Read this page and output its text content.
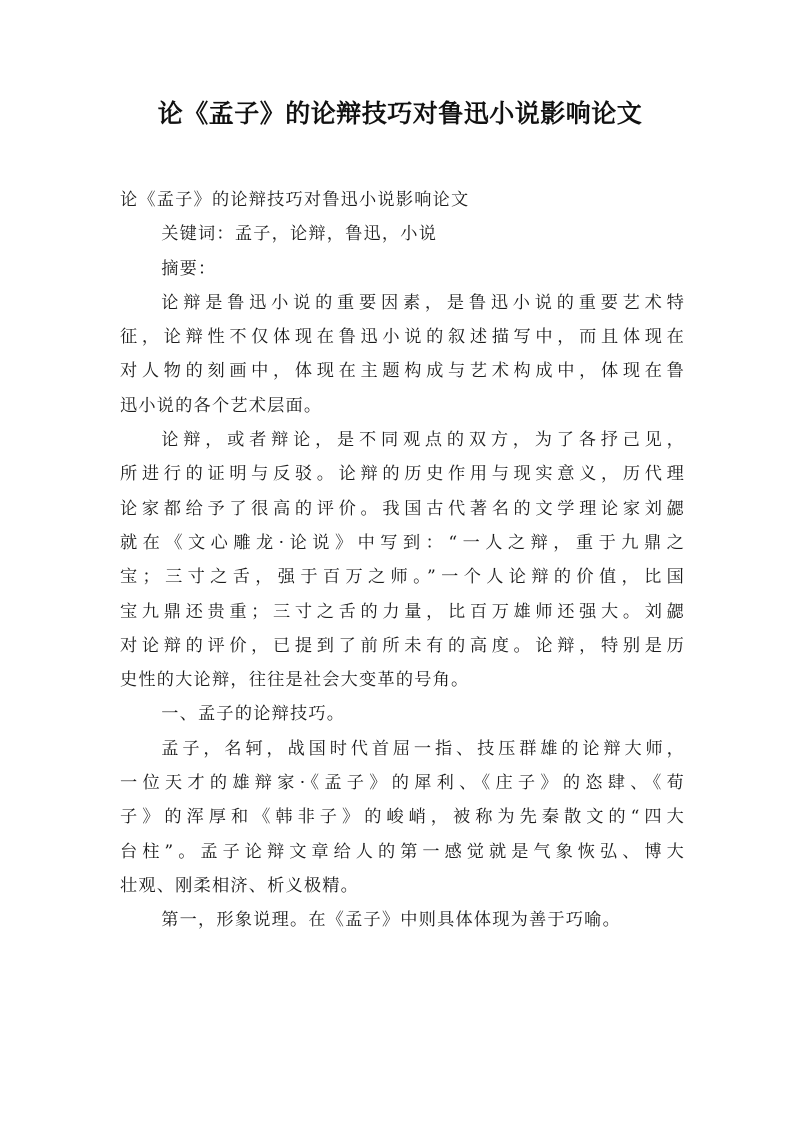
论《孟子》的论辩技巧对鲁迅小说影响论文

论《孟子》的论辩技巧对鲁迅小说影响论文

关键词：孟子，论辩，鲁迅，小说

摘要：

论辩是鲁迅小说的重要因素，是鲁迅小说的重要艺术特
征，论辩性不仅体现在鲁迅小说的叙述描写中，而且体现在
对人物的刻画中，体现在主题构成与艺术构成中，体现在鲁
迅小说的各个艺术层面。

论辩，或者辩论，是不同观点的双方，为了各抒己见，
所进行的证明与反驳。论辩的历史作用与现实意义，历代理
论家都给予了很高的评价。我国古代著名的文学理论家刘勰
就在《文心雕龙·论说》中写到：“一人之辩，重于九鼎之
宝；三寸之舌，强于百万之师。”一个人论辩的价值，比国
宝九鼎还贵重；三寸之舌的力量，比百万雄师还强大。刘勰
对论辩的评价，已提到了前所未有的高度。论辩，特别是历
史性的大论辩，往往是社会大变革的号角。

一、孟子的论辩技巧。

孟子，名轲，战国时代首屈一指、技压群雄的论辩大师，
一位天才的雄辩家·《孟子》的犀利、《庄子》的恣肆、《荀
子》的浑厚和《韩非子》的峻峭，被称为先秦散文的“四大
台柱”。孟子论辩文章给人的第一感觉就是气象恢弘、博大
壮观、刚柔相济、析义极精。

第一，形象说理。在《孟子》中则具体体现为善于巧喻。
